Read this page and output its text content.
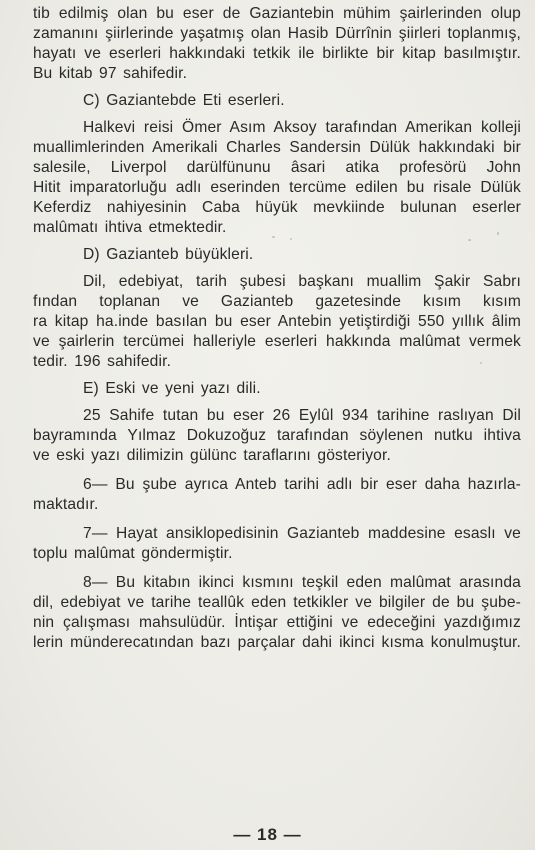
tib edilmiş olan bu eser de Gaziantebin mühim şairlerinden olup
zamanını şiirlerinde yaşatmış olan Hasib Dürrînin şiirleri toplanmış,
hayatı ve eserleri hakkındaki tetkik ile birlikte bir kitap basılmıştır.
Bu kitab 97 sahifedir.
C) Gaziantebde Eti eserleri.
Halkevi reisi Ömer Asım Aksoy tarafından Amerikan kolleji
muallimlerinden Amerikali Charles Sandersin Dülük hakkındaki bir
salesile, Liverpol darülfünunu âsari atika profesörü John
Hitit imparatorluğu adlı eserinden tercüme edilen bu risale Dülük
Keferdiz nahiyesinin Caba hüyük mevkiinde bulunan eserler
malûmatı ihtiva etmektedir.
D) Gazianteb büyükleri.
Dil, edebiyat, tarih şubesi başkanı muallim Şakir Sabrı
fından toplanan ve Gazianteb gazetesinde kısım kısım
ra kitap ha.inde basılan bu eser Antebin yetiştirdiği 550 yıllık âlim
ve şairlerin tercümei halleriyle eserleri hakkında malûmat vermek
tedir. 196 sahifedir.
E) Eski ve yeni yazı dili.
25 Sahife tutan bu eser 26 Eylûl 934 tarihine raslıyan Dil
bayramında Yılmaz Dokuzoğuz tarafından söylenen nutku ihtiva
ve eski yazı dilimizin gülünc taraflarını gösteriyor.
6— Bu şube ayrıca Anteb tarihi adlı bir eser daha hazırla-
maktadır.
7— Hayat ansiklopedisinin Gazianteb maddesine esaslı ve
toplu malûmat göndermiştir.
8— Bu kitabın ikinci kısmını teşkil eden malûmat arasında
dil, edebiyat ve tarihe teallûk eden tetkikler ve bilgiler de bu şube-
nin çalışması mahsulüdür. İntişar ettiğini ve edeceğini yazdığımız
lerin münderecatından bazı parçalar dahi ikinci kısma konulmuştur.
— 18 —
